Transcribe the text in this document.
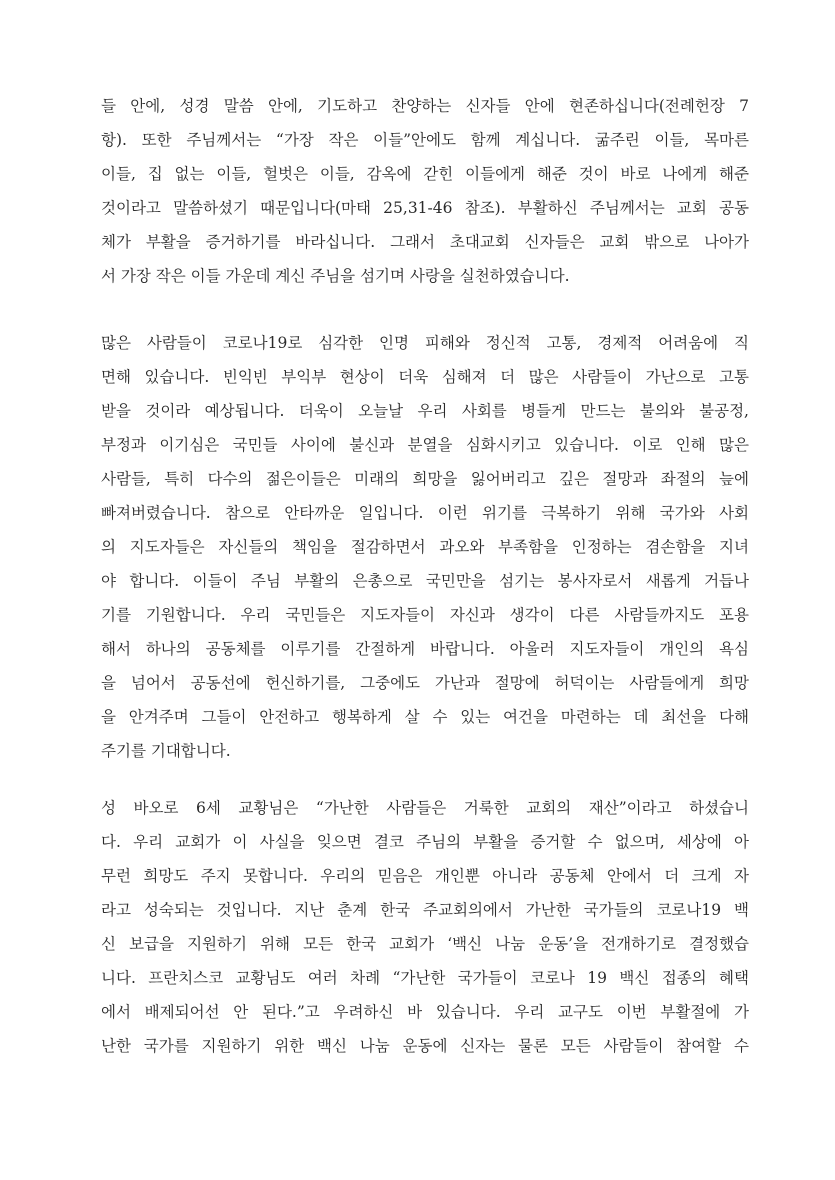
들 안에, 성경 말씀 안에, 기도하고 찬양하는 신자들 안에 현존하십니다(전례헌장 7
항). 또한 주님께서는 “가장 작은 이들”안에도 함께 계십니다. 굶주린 이들, 목마른
이들, 집 없는 이들, 헐벗은 이들, 감옥에 갇힌 이들에게 해준 것이 바로 나에게 해준
것이라고 말씀하셨기 때문입니다(마태 25,31-46 참조). 부활하신 주님께서는 교회 공동
체가 부활을 증거하기를 바라십니다. 그래서 초대교회 신자들은 교회 밖으로 나아가
서 가장 작은 이들 가운데 계신 주님을 섬기며 사랑을 실천하였습니다.
많은 사람들이 코로나19로 심각한 인명 피해와 정신적 고통, 경제적 어려움에 직
면해 있습니다. 빈익빈 부익부 현상이 더욱 심해져 더 많은 사람들이 가난으로 고통
받을 것이라 예상됩니다. 더욱이 오늘날 우리 사회를 병들게 만드는 불의와 불공정,
부정과 이기심은 국민들 사이에 불신과 분열을 심화시키고 있습니다. 이로 인해 많은
사람들, 특히 다수의 젊은이들은 미래의 희망을 잃어버리고 깊은 절망과 좌절의 늪에
빠져버렸습니다. 참으로 안타까운 일입니다. 이런 위기를 극복하기 위해 국가와 사회
의 지도자들은 자신들의 책임을 절감하면서 과오와 부족함을 인정하는 겸손함을 지녀
야 합니다. 이들이 주님 부활의 은총으로 국민만을 섬기는 봉사자로서 새롭게 거듭나
기를 기원합니다. 우리 국민들은 지도자들이 자신과 생각이 다른 사람들까지도 포용
해서 하나의 공동체를 이루기를 간절하게 바랍니다. 아울러 지도자들이 개인의 욕심
을 넘어서 공동선에 헌신하기를, 그중에도 가난과 절망에 허덕이는 사람들에게 희망
을 안겨주며 그들이 안전하고 행복하게 살 수 있는 여건을 마련하는 데 최선을 다해
주기를 기대합니다.
성 바오로 6세 교황님은 “가난한 사람들은 거룩한 교회의 재산”이라고 하셨습니
다. 우리 교회가 이 사실을 잊으면 결코 주님의 부활을 증거할 수 없으며, 세상에 아
무런 희망도 주지 못합니다. 우리의 믿음은 개인뿐 아니라 공동체 안에서 더 크게 자
라고 성숙되는 것입니다. 지난 춘계 한국 주교회의에서 가난한 국가들의 코로나19 백
신 보급을 지원하기 위해 모든 한국 교회가 ‘백신 나눔 운동’을 전개하기로 결정했습
니다. 프란치스코 교황님도 여러 차례 “가난한 국가들이 코로나 19 백신 접종의 혜택
에서 배제되어선 안 된다.”고 우려하신 바 있습니다. 우리 교구도 이번 부활절에 가
난한 국가를 지원하기 위한 백신 나눔 운동에 신자는 물론 모든 사람들이 참여할 수
